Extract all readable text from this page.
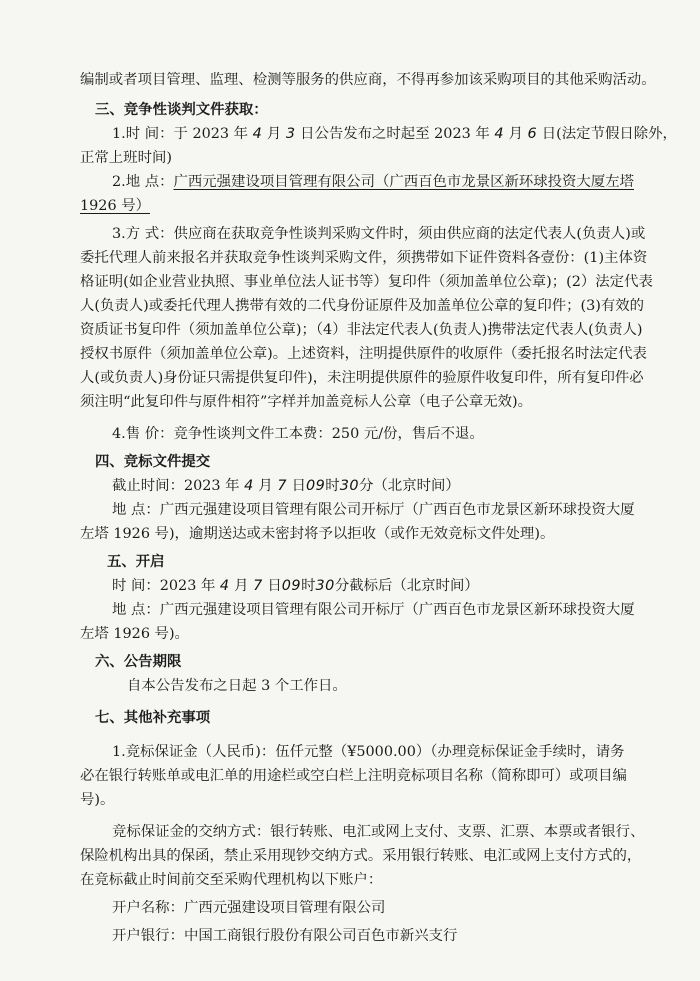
编制或者项目管理、监理、检测等服务的供应商，不得再参加该采购项目的其他采购活动。
三、竞争性谈判文件获取：
1.时 间：于 2023 年 4 月 3 日公告发布之时起至 2023 年 4 月 6 日(法定节假日除外，
正常上班时间)
2.地 点：广西元强建设项目管理有限公司（广西百色市龙景区新环球投资大厦左塔
1926 号）
3.方 式：供应商在获取竞争性谈判采购文件时，须由供应商的法定代表人(负责人)或
委托代理人前来报名并获取竞争性谈判采购文件，须携带如下证件资料各壹份：(1)主体资
格证明(如企业营业执照、事业单位法人证书等）复印件（须加盖单位公章)；(2）法定代表
人(负责人)或委托代理人携带有效的二代身份证原件及加盖单位公章的复印件；(3)有效的
资质证书复印件（须加盖单位公章)；（4）非法定代表人(负责人)携带法定代表人(负责人)
授权书原件（须加盖单位公章)。上述资料，注明提供原件的收原件（委托报名时法定代表
人(或负责人)身份证只需提供复印件)，未注明提供原件的验原件收复印件，所有复印件必
须注明“此复印件与原件相符”字样并加盖竞标人公章（电子公章无效)。
4.售 价：竞争性谈判文件工本费：250 元/份，售后不退。
四、竞标文件提交
截止时间：2023 年 4 月 7 日09时30分（北京时间）
地 点：广西元强建设项目管理有限公司开标厅（广西百色市龙景区新环球投资大厦
左塔 1926 号)，逾期送达或未密封将予以拒收（或作无效竞标文件处理)。
五、开启
时 间：2023 年 4 月 7 日09时30分截标后（北京时间）
地 点：广西元强建设项目管理有限公司开标厅（广西百色市龙景区新环球投资大厦
左塔 1926 号)。
六、公告期限
自本公告发布之日起 3 个工作日。
七、其他补充事项
1.竞标保证金（人民币)：伍仟元整（¥5000.00）（办理竞标保证金手续时，请务
必在银行转账单或电汇单的用途栏或空白栏上注明竞标项目名称（简称即可）或项目编
号)。
竞标保证金的交纳方式：银行转账、电汇或网上支付、支票、汇票、本票或者银行、
保险机构出具的保函，禁止采用现钞交纳方式。采用银行转账、电汇或网上支付方式的，
在竞标截止时间前交至采购代理机构以下账户：
开户名称：广西元强建设项目管理有限公司
开户银行：中国工商银行股份有限公司百色市新兴支行
